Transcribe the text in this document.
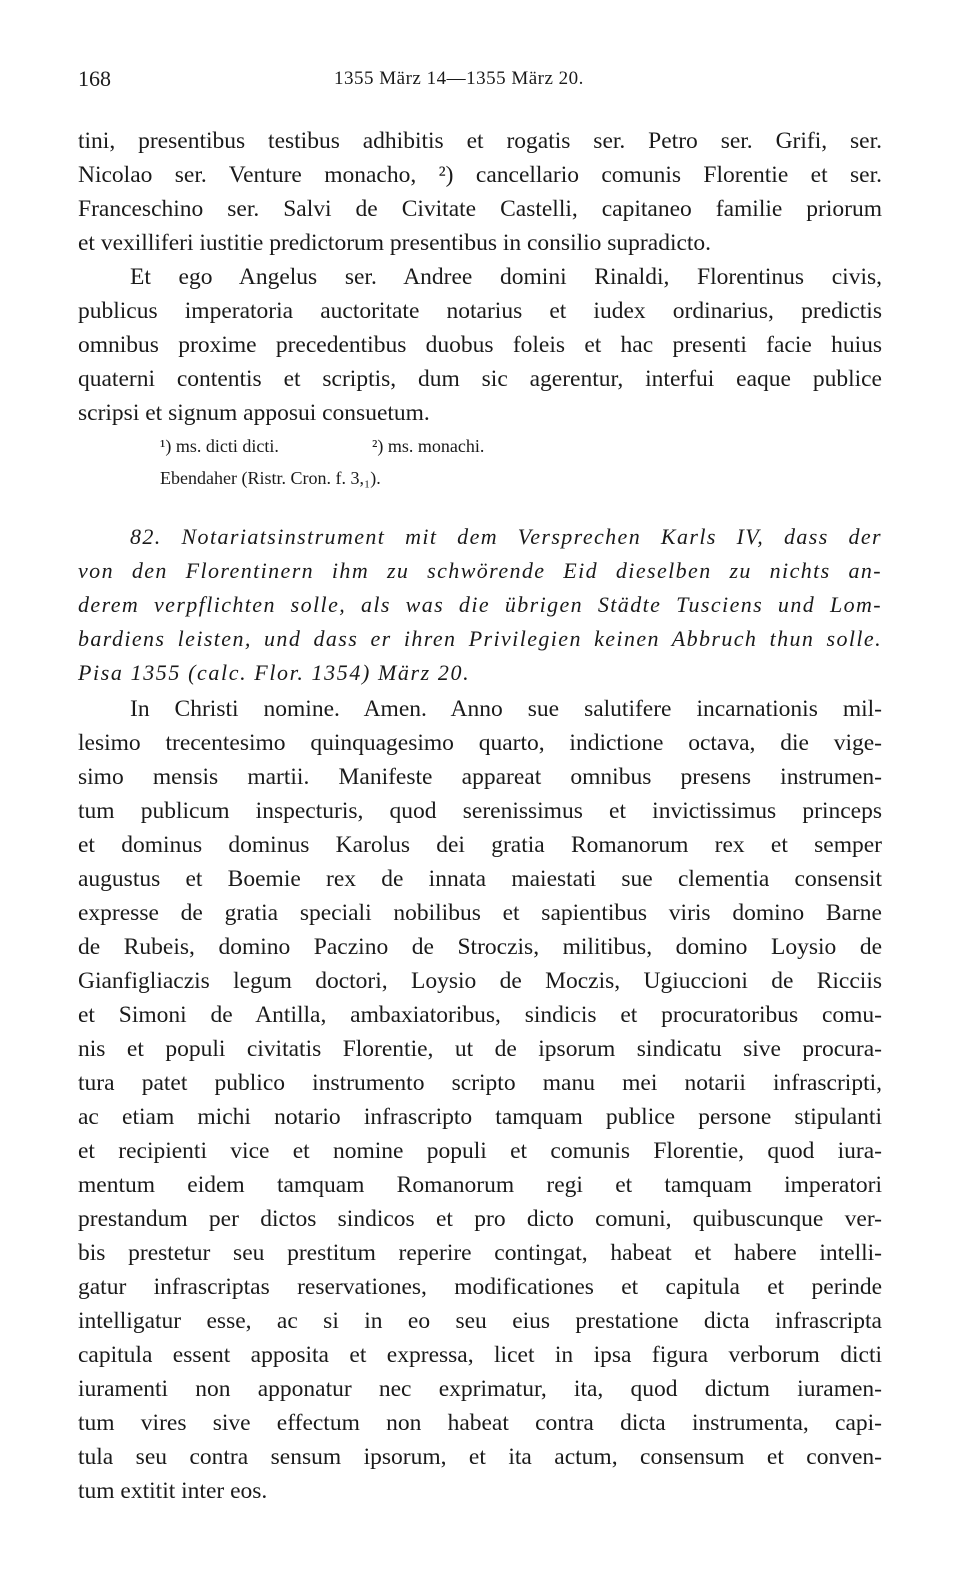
168	1355 März 14—1355 März 20.
tini, presentibus testibus adhibitis et rogatis ser. Petro ser. Grifi, ser.
Nicolao ser. Venture monacho, ²) cancellario comunis Florentie et ser.
Franceschino ser. Salvi de Civitate Castelli, capitaneo familie priorum
et vexilliferi iustitie predictorum presentibus in consilio supradicto.
Et ego Angelus ser. Andree domini Rinaldi, Florentinus civis,
publicus imperatoria auctoritate notarius et iudex ordinarius, predictis
omnibus proxime precedentibus duobus foleis et hac presenti facie huius
quaterni contentis et scriptis, dum sic agerentur, interfui eaque publice
scripsi et signum apposui consuetum.
¹) ms. dicti dicti.	²) ms. monachi.
Ebendaher (Ristr. Cron. f. 3,₁).
82. Notariatsinstrument mit dem Versprechen Karls IV, dass der
von den Florentinern ihm zu schwörende Eid dieselben zu nichts an-
derem verpflichten solle, als was die übrigen Städte Tusciens und Lom-
bardiens leisten, und dass er ihren Privilegien keinen Abbruch thun solle.
Pisa 1355 (calc. Flor. 1354) März 20.
In Christi nomine. Amen. Anno sue salutifere incarnationis mil-
lesimo trecentesimo quinquagesimo quarto, indictione octava, die vige-
simo mensis martii. Manifeste appareat omnibus presens instrumen-
tum publicum inspecturis, quod serenissimus et invictissimus princeps
et dominus dominus Karolus dei gratia Romanorum rex et semper
augustus et Boemie rex de innata maiestati sue clementia consensit
expresse de gratia speciali nobilibus et sapientibus viris domino Barne
de Rubeis, domino Paczino de Stroczis, militibus, domino Loysio de
Gianfigliaczis legum doctori, Loysio de Moczis, Ugiuccioni de Ricciis
et Simoni de Antilla, ambaxiatoribus, sindicis et procuratoribus comu-
nis et populi civitatis Florentie, ut de ipsorum sindicatu sive procura-
tura patet publico instrumento scripto manu mei notarii infrascripti,
ac etiam michi notario infrascripto tamquam publice persone stipulanti
et recipienti vice et nomine populi et comunis Florentie, quod iura-
mentum eidem tamquam Romanorum regi et tamquam imperatori
prestandum per dictos sindicos et pro dicto comuni, quibuscunque ver-
bis prestetur seu prestitum reperire contingat, habeat et habere intelli-
gatur infrascriptas reservationes, modificationes et capitula et perinde
intelligatur esse, ac si in eo seu eius prestatione dicta infrascripta
capitula essent apposita et expressa, licet in ipsa figura verborum dicti
iuramenti non apponatur nec exprimatur, ita, quod dictum iuramen-
tum vires sive effectum non habeat contra dicta instrumenta, capi-
tula seu contra sensum ipsorum, et ita actum, consensum et conven-
tum extitit inter eos.
